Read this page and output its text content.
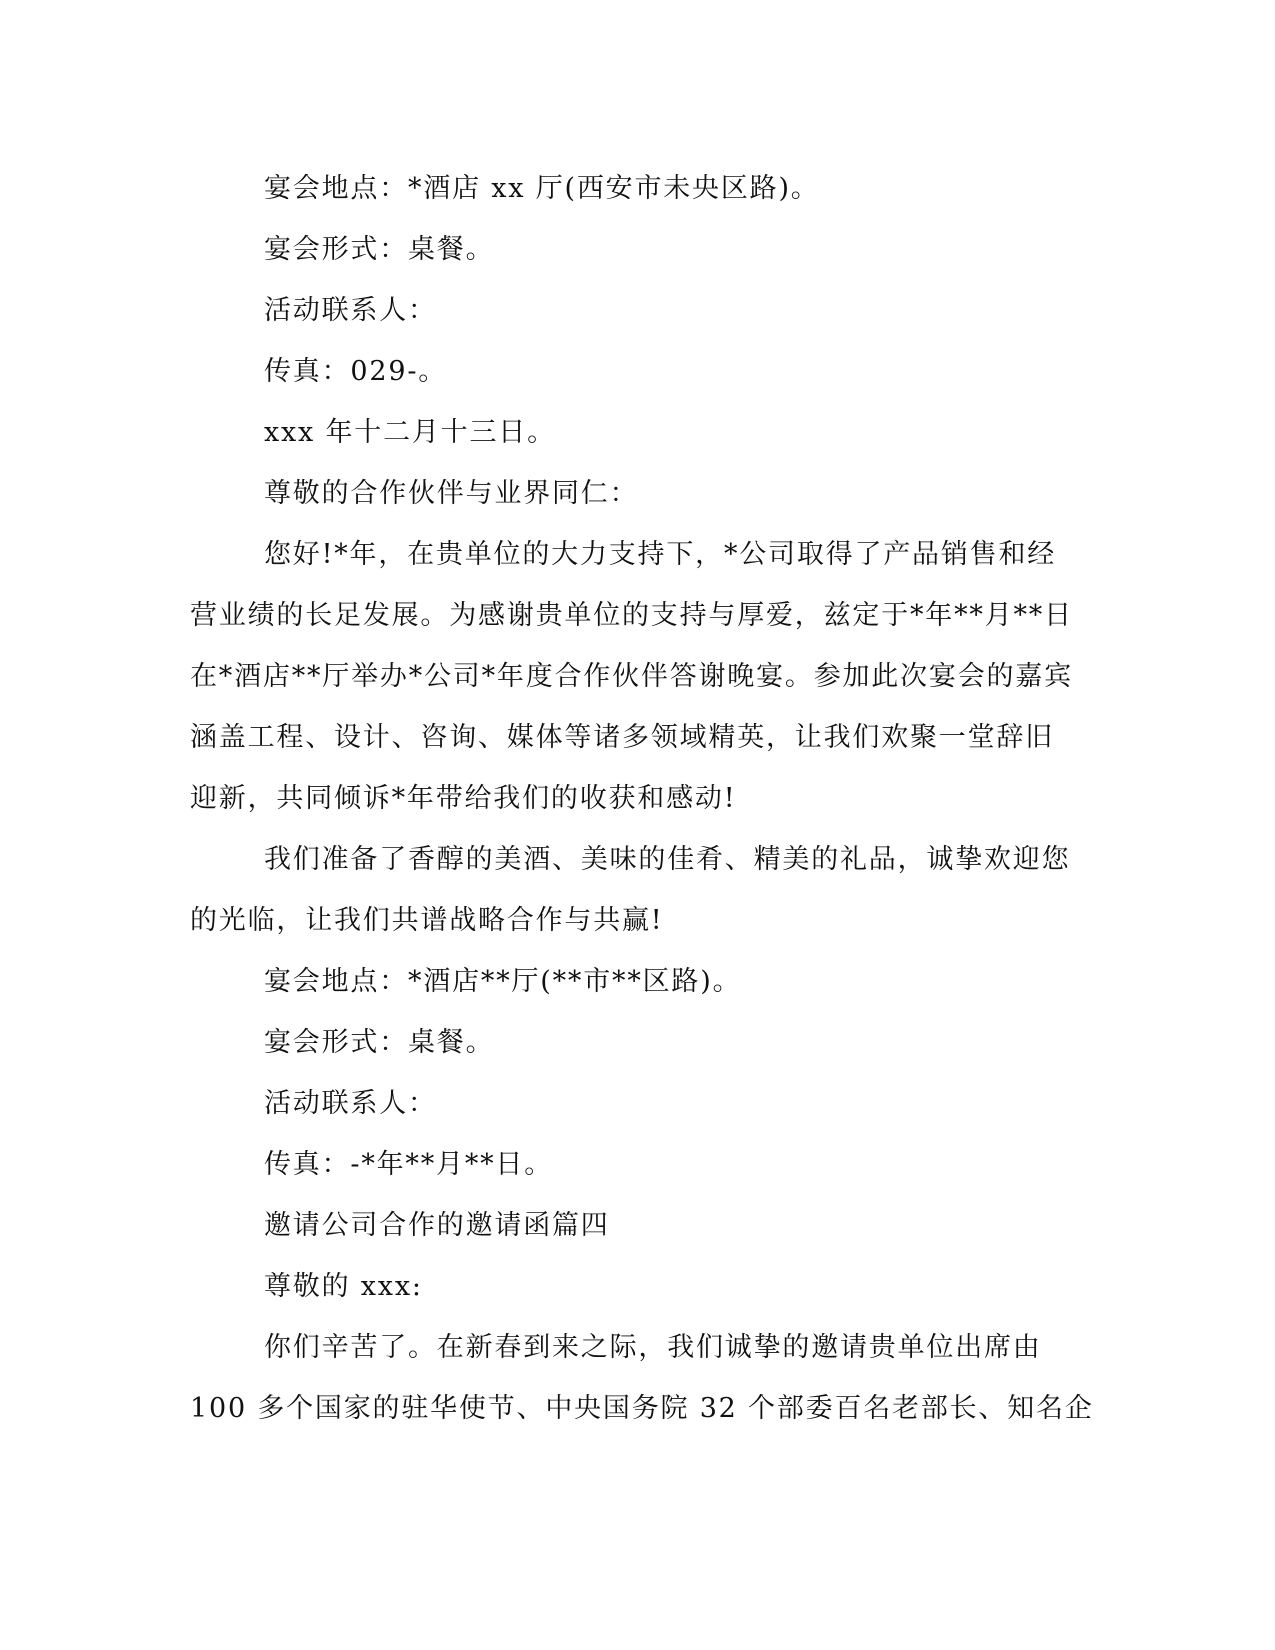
宴会地点：*酒店 xx 厅(西安市未央区路)。

宴会形式：桌餐。

活动联系人：

传真：029-。

xxx 年十二月十三日。

尊敬的合作伙伴与业界同仁：

您好!*年，在贵单位的大力支持下，*公司取得了产品销售和经

营业绩的长足发展。为感谢贵单位的支持与厚爱，兹定于*年**月**日

在*酒店**厅举办*公司*年度合作伙伴答谢晚宴。参加此次宴会的嘉宾

涵盖工程、设计、咨询、媒体等诸多领域精英，让我们欢聚一堂辞旧

迎新，共同倾诉*年带给我们的收获和感动!

我们准备了香醇的美酒、美味的佳肴、精美的礼品，诚挚欢迎您

的光临，让我们共谱战略合作与共赢!

宴会地点：*酒店**厅(**市**区路)。

宴会形式：桌餐。

活动联系人：

传真：-*年**月**日。

邀请公司合作的邀请函篇四

尊敬的 xxx:

你们辛苦了。在新春到来之际，我们诚挚的邀请贵单位出席由

100 多个国家的驻华使节、中央国务院 32 个部委百名老部长、知名企
